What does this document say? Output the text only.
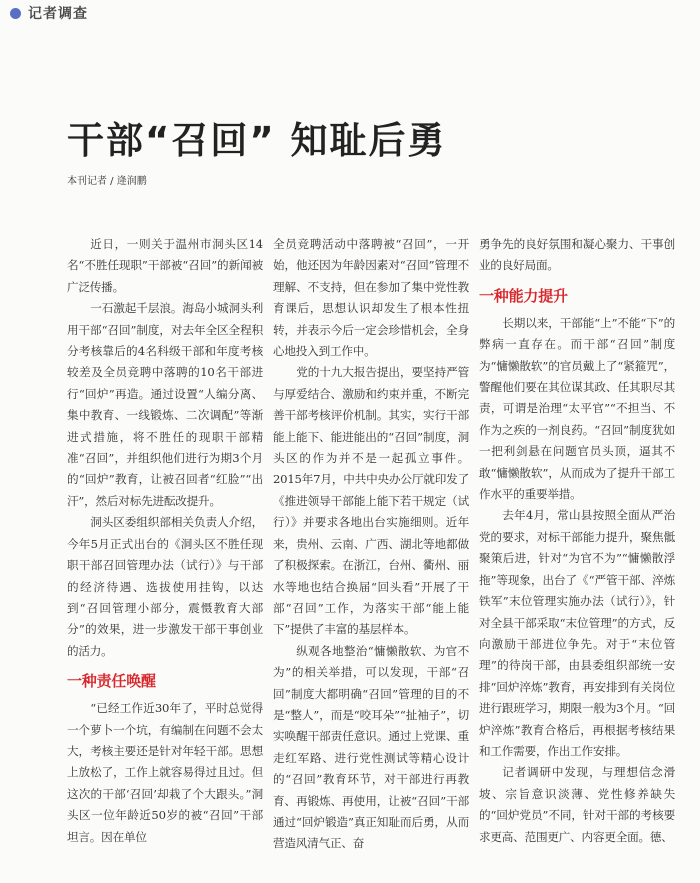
记者调查
干部“召回” 知耻后勇
本刊记者 / 逄润鹏

近日，一则关于温州市洞头区14名“不胜任现职”干部被“召回”的新闻被广泛传播。

一石激起千层浪。海岛小城洞头利用干部“召回”制度，对去年全区全程积分考核靠后的4名科级干部和年度考核较差及全员竞聘中落聘的10名干部进行“回炉”再造。通过设置“人编分离、集中教育、一线锻炼、二次调配”等渐进式措施，将不胜任的现职干部精准“召回”，并组织他们进行为期3个月的“回炉”教育，让被召回者“红脸”“出汗”，然后对标先进酝改提升。

洞头区委组织部相关负责人介绍，今年5月正式出台的《洞头区不胜任现职干部召回管理办法（试行）》与干部的经济待遇、选拔使用挂钩，以达到“召回管理小部分，震慑教育大部分”的效果，进一步激发干部干事创业的活力。

一种责任唤醒

“已经工作近30年了，平时总觉得一个萝卜一个坑，有编制在问题不会太大，考核主要还是针对年轻干部。思想上放松了，工作上就容易得过且过。但这次的干部‘召回’却栽了个大跟头。”洞头区一位年龄近50岁的被“召回”干部坦言。因在单位

全员竞聘活动中落聘被“召回”，一开始，他还因为年龄因素对“召回”管理不理解、不支持，但在参加了集中党性教育课后，思想认识却发生了根本性扭转，并表示今后一定会珍惜机会，全身心地投入到工作中。

党的十九大报告提出，要坚持严管与厚爱结合、激励和约束并重，不断完善干部考核评价机制。其实，实行干部能上能下、能进能出的“召回”制度，洞头区的作为并不是一起孤立事件。2015年7月，中共中央办公厅就印发了《推进领导干部能上能下若干规定（试行）》并要求各地出台实施细则。近年来，贵州、云南、广西、湖北等地都做了积极探索。在浙江，台州、衢州、丽水等地也结合换届“回头看”开展了干部“召回”工作，为落实干部“能上能下”提供了丰富的基层样本。

纵观各地整治“慵懒散软、为官不为”的相关举措，可以发现，干部“召回”制度大都明确“召回”管理的目的不是“整人”，而是“咬耳朵”“扯袖子”，切实唤醒干部责任意识。通过上党课、重走红军路、进行党性测试等精心设计的“召回”教育环节，对干部进行再教育、再锻炼、再使用，让被“召回”干部通过“回炉锻造”真正知耻而后勇，从而营造风清气正、奋

勇争先的良好氛围和凝心聚力、干事创业的良好局面。

一种能力提升

长期以来，干部能“上”不能“下”的弊病一直存在。而干部“召回”制度为“慵懒散软”的官员戴上了“紧箍咒”，警醒他们要在其位谋其政、任其职尽其责，可谓是治理“太平官”“不担当、不作为之疾的一剂良药。“召回”制度犹如一把利剑悬在问题官员头顶，逼其不敢“慵懒散软”，从而成为了提升干部工作水平的重要举措。

去年4月，常山县按照全面从严治党的要求，对标干部能力提升，聚焦骶聚策后进，针对“为官不为”“慵懒散浮拖”等现象，出台了《“严管干部、淬炼铁军”末位管理实施办法（试行）》，针对全县干部采取“末位管理”的方式，反向激励干部进位争先。对于“末位管理”的待岗干部，由县委组织部统一安排“回炉淬炼”教育，再安排到有关岗位进行跟班学习，期限一般为3个月。“回炉淬炼”教育合格后，再根据考核结果和工作需要，作出工作安排。

记者调研中发现，与理想信念滑坡、宗旨意识淡薄、党性修养缺失的“回炉党员”不同，针对干部的考核要求更高、范围更广、内容更全面。德、
